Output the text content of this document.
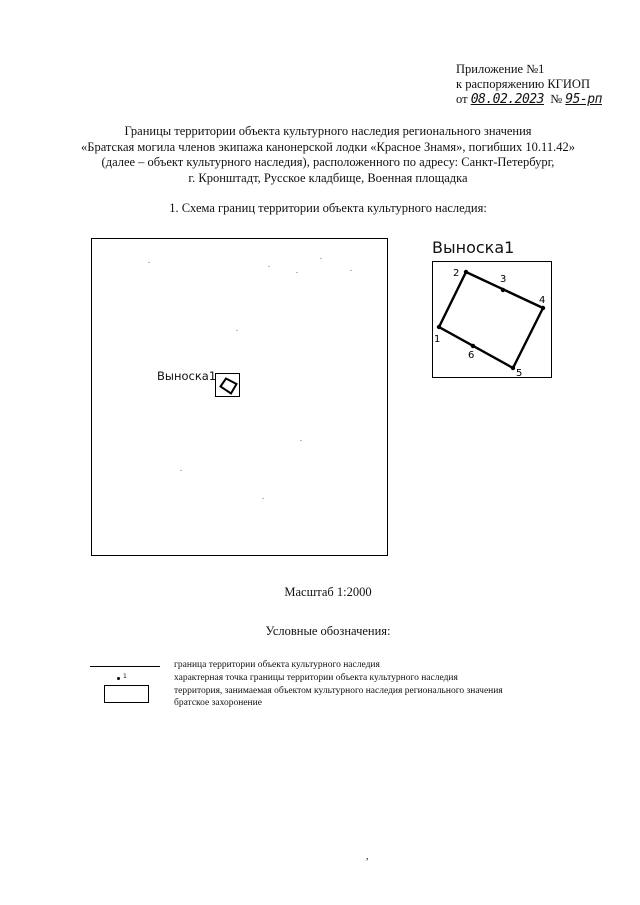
Приложение №1
к распоряжению КГИОП
от 08.02.2023 № 95-рп
Границы территории объекта культурного наследия регионального значения
«Братская могила членов экипажа канонерской лодки «Красное Знамя», погибших 10.11.42»
(далее – объект культурного наследия), расположенного по адресу: Санкт-Петербург,
г. Кронштадт, Русское кладбище, Военная площадка
1. Схема границ территории объекта культурного наследия:
Выноска1
Выноска1
1
2
3
4
5
6
Масштаб 1:2000
Условные обозначения:
1
граница территории объекта культурного наследия
характерная точка границы территории объекта культурного наследия
территория, занимаемая объектом культурного наследия регионального значения
братское захоронение
,
